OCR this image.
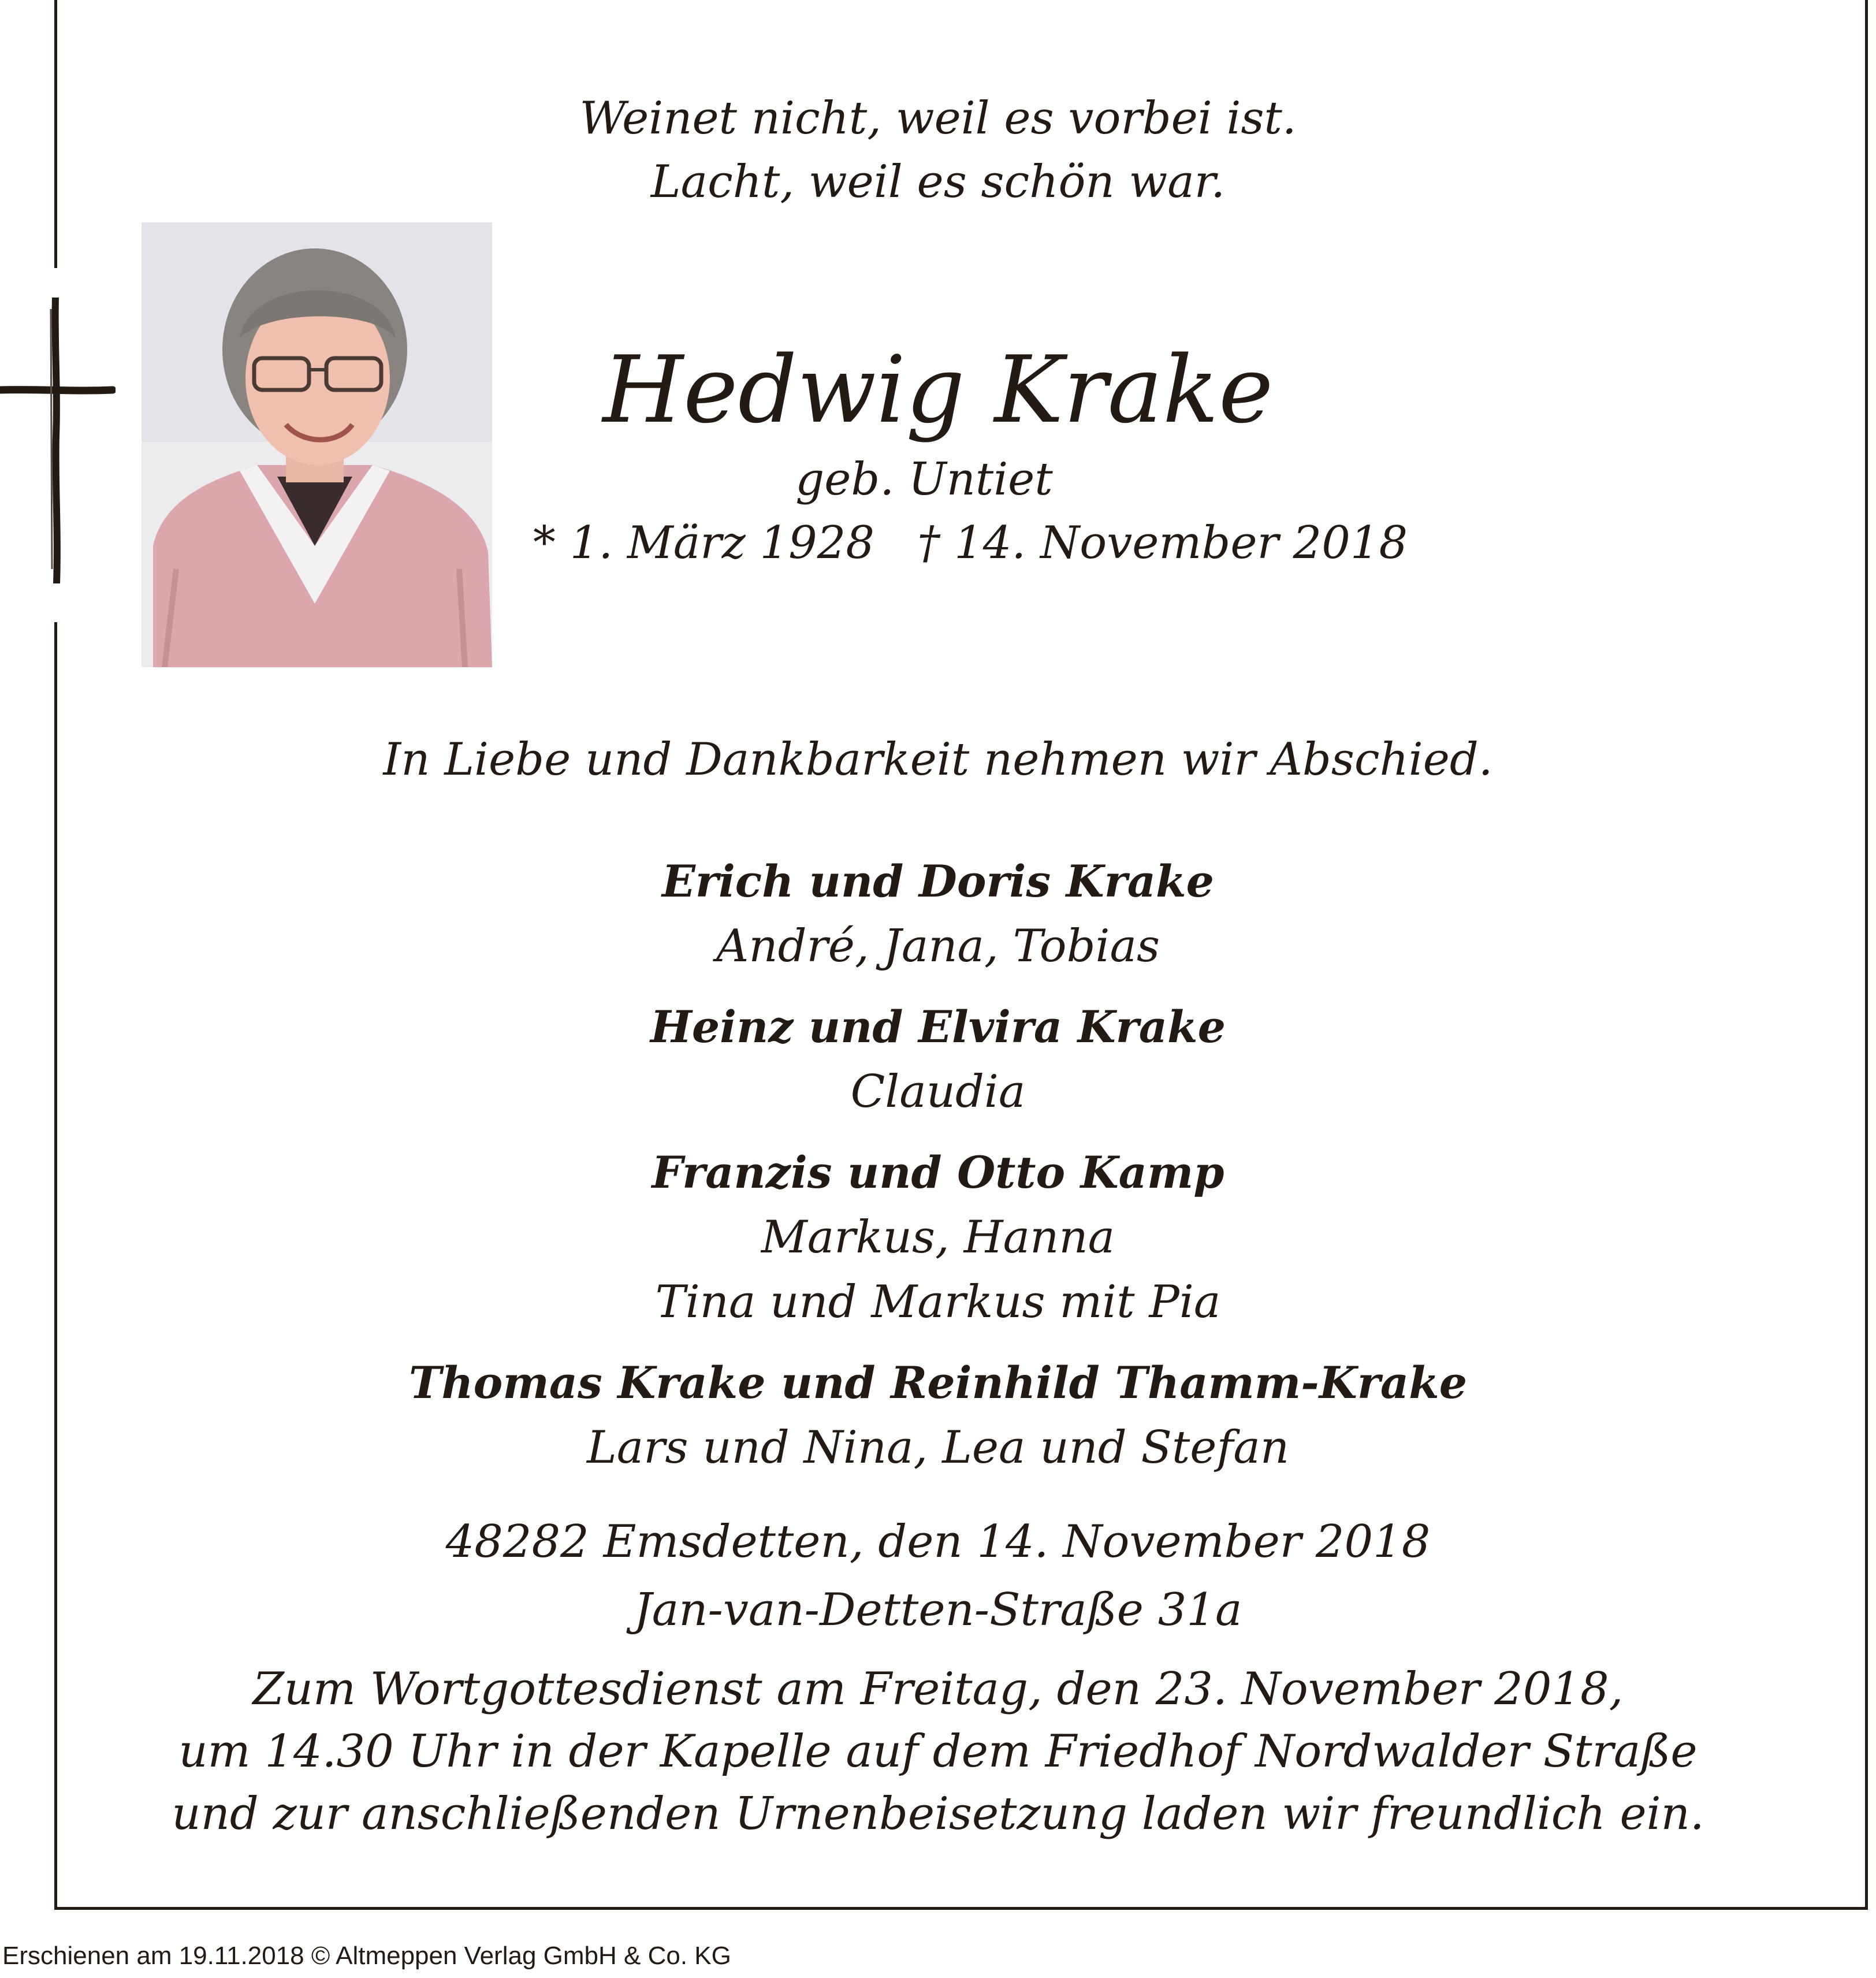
Weinet nicht, weil es vorbei ist.
Lacht, weil es schön war.
Hedwig Krake
geb. Untiet
* 1. März 1928   † 14. November 2018
In Liebe und Dankbarkeit nehmen wir Abschied.
Erich und Doris Krake
André, Jana, Tobias
Heinz und Elvira Krake
Claudia
Franzis und Otto Kamp
Markus, Hanna
Tina und Markus mit Pia
Thomas Krake und Reinhild Thamm-Krake
Lars und Nina, Lea und Stefan
48282 Emsdetten, den 14. November 2018
Jan-van-Detten-Straße 31a
Zum Wortgottesdienst am Freitag, den 23. November 2018,
um 14.30 Uhr in der Kapelle auf dem Friedhof Nordwalder Straße
und zur anschließenden Urnenbeisetzung laden wir freundlich ein.
Erschienen am 19.11.2018 © Altmeppen Verlag GmbH & Co. KG
